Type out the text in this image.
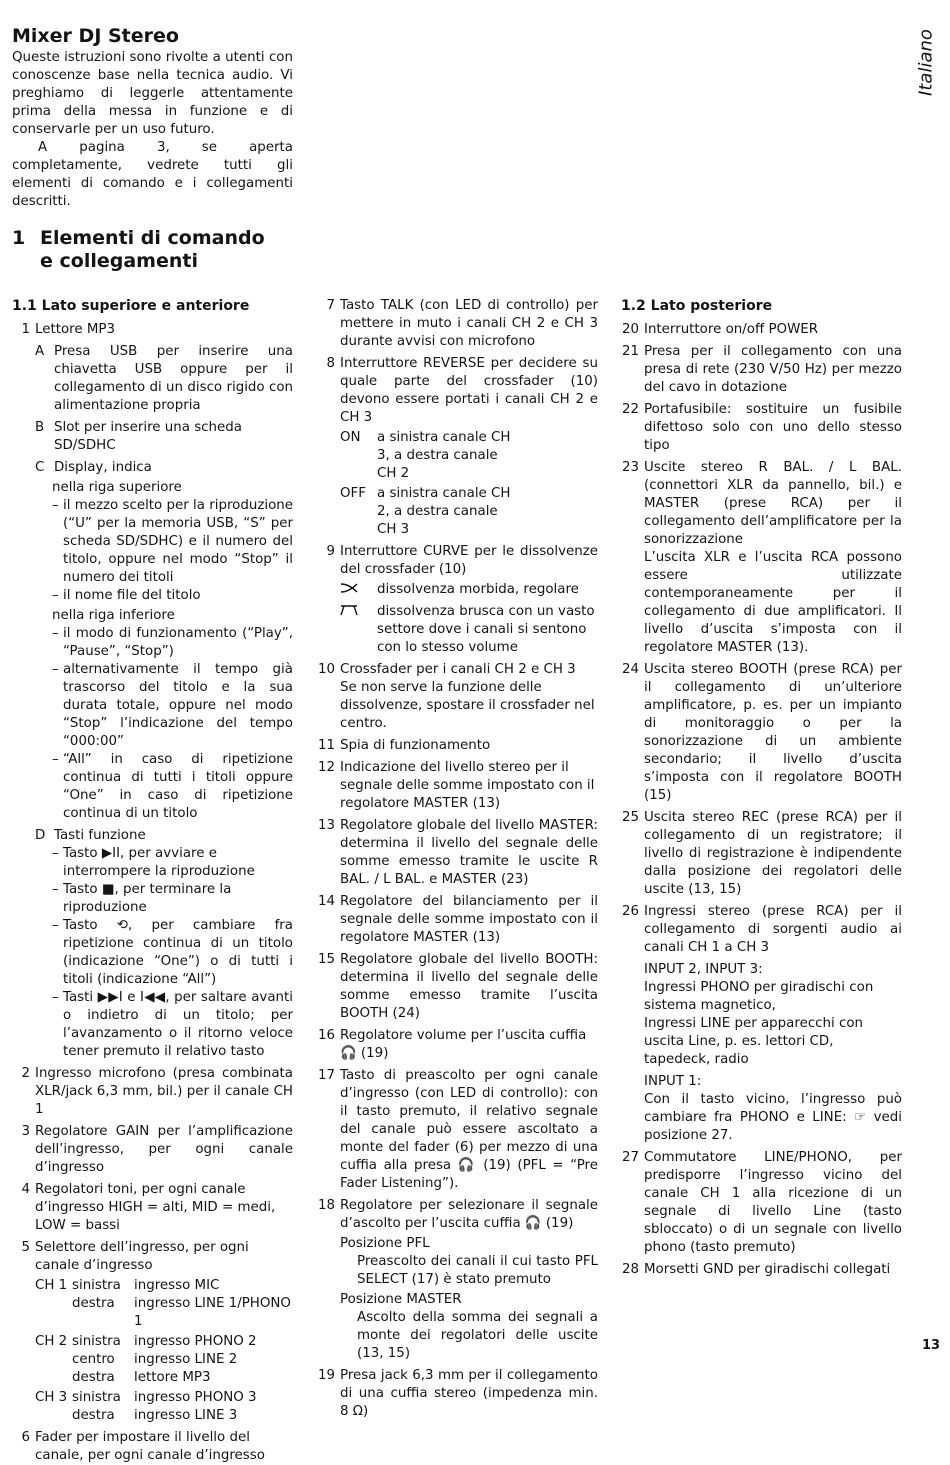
Mixer DJ Stereo	Italiano
Queste istruzioni sono rivolte a utenti con conoscenze base nella tecnica audio. Vi preghiamo di leggerle attentamente prima della messa in funzione e di conservarle per un uso futuro.
A pagina 3, se aperta completamente, vedrete tutti gli elementi di comando e i collegamenti descritti.
1 Elementi di comando
e collegamenti
1.1 Lato superiore e anteriore
1 Lettore MP3
A Presa USB per inserire una chiavetta USB oppure per il collegamento di un disco rigido con alimentazione propria
B Slot per inserire una scheda SD/SDHC
C Display, indica
nella riga superiore
– il mezzo scelto per la riproduzione (“U” per la memoria USB, “S” per scheda SD/SDHC) e il numero del titolo, oppure nel modo “Stop” il numero dei titoli
– il nome file del titolo
nella riga inferiore
– il modo di funzionamento (“Play”, “Pause”, “Stop”)
– alternativamente il tempo già trascorso del titolo e la sua durata totale, oppure nel modo “Stop” l’indicazione del tempo “000:00”
– “All” in caso di ripetizione continua di tutti i titoli oppure “One” in caso di ripetizione continua di un titolo
D Tasti funzione
– Tasto ▶II, per avviare e interrompere la riproduzione
– Tasto ■, per terminare la riproduzione
– Tasto ⟲, per cambiare fra ripetizione continua di un titolo (indicazione “One”) o di tutti i titoli (indicazione “All”)
– Tasti ▶▶I e I◀◀, per saltare avanti o indietro di un titolo; per l’avanzamento o il ritorno veloce tener premuto il relativo tasto
2 Ingresso microfono (presa combinata XLR/jack 6,3 mm, bil.) per il canale CH 1
3 Regolatore GAIN per l’amplificazione dell’ingresso, per ogni canale d’ingresso
4 Regolatori toni, per ogni canale d’ingresso HIGH = alti, MID = medi, LOW = bassi
5 Selettore dell’ingresso, per ogni canale d’ingresso
CH 1	sinistra	ingresso MIC
	destra	ingresso LINE 1/PHONO 1
CH 2	sinistra	ingresso PHONO 2
	centro	ingresso LINE 2
	destra	lettore MP3
CH 3	sinistra	ingresso PHONO 3
	destra	ingresso LINE 3
6 Fader per impostare il livello del canale, per ogni canale d’ingresso
7 Tasto TALK (con LED di controllo) per mettere in muto i canali CH 2 e CH 3 durante avvisi con microfono
8 Interruttore REVERSE per decidere su quale parte del crossfader (10) devono essere portati i canali CH 2 e CH 3
ON	a sinistra canale CH 3, a destra canale CH 2
OFF a sinistra canale CH 2, a destra canale CH 3
9 Interruttore CURVE per le dissolvenze del crossfader (10)
dissolvenza morbida, regolare
dissolvenza brusca con un vasto settore dove i canali si sentono con lo stesso volume
10 Crossfader per i canali CH 2 e CH 3
Se non serve la funzione delle dissolvenze, spostare il crossfader nel centro.
11 Spia di funzionamento
12 Indicazione del livello stereo per il segnale delle somme impostato con il regolatore MASTER (13)
13 Regolatore globale del livello MASTER: determina il livello del segnale delle somme emesso tramite le uscite R BAL. / L BAL. e MASTER (23)
14 Regolatore del bilanciamento per il segnale delle somme impostato con il regolatore MASTER (13)
15 Regolatore globale del livello BOOTH: determina il livello del segnale delle somme emesso tramite l’uscita BOOTH (24)
16 Regolatore volume per l’uscita cuffia 🎧 (19)
17 Tasto di preascolto per ogni canale d’ingresso (con LED di controllo): con il tasto premuto, il relativo segnale del canale può essere ascoltato a monte del fader (6) per mezzo di una cuffia alla presa 🎧 (19) (PFL = “Pre Fader Listening”).
18 Regolatore per selezionare il segnale d’ascolto per l’uscita cuffia 🎧 (19)
Posizione PFL
Preascolto dei canali il cui tasto PFL SELECT (17) è stato premuto
Posizione MASTER
Ascolto della somma dei segnali a monte dei regolatori delle uscite (13, 15)
19 Presa jack 6,3 mm per il collegamento di una cuffia stereo (impedenza min. 8 Ω)
1.2 Lato posteriore
20 Interruttore on/off POWER
21 Presa per il collegamento con una presa di rete (230 V/50 Hz) per mezzo del cavo in dotazione
22 Portafusibile: sostituire un fusibile difettoso solo con uno dello stesso tipo
23 Uscite stereo R BAL. / L BAL. (connettori XLR da pannello, bil.) e MASTER (prese RCA) per il collegamento dell’amplificatore per la sonorizzazione
L’uscita XLR e l’uscita RCA possono essere utilizzate contemporaneamente per il collegamento di due amplificatori. Il livello d’uscita s’imposta con il regolatore MASTER (13).
24 Uscita stereo BOOTH (prese RCA) per il collegamento di un’ulteriore amplificatore, p. es. per un impianto di monitoraggio o per la sonorizzazione di un ambiente secondario; il livello d’uscita s’imposta con il regolatore BOOTH (15)
25 Uscita stereo REC (prese RCA) per il collegamento di un registratore; il livello di registrazione è indipendente dalla posizione dei regolatori delle uscite (13, 15)
26 Ingressi stereo (prese RCA) per il collegamento di sorgenti audio ai canali CH 1 a CH 3
INPUT 2, INPUT 3:
Ingressi PHONO per giradischi con sistema magnetico,
Ingressi LINE per apparecchi con uscita Line, p. es. lettori CD, tapedeck, radio
INPUT 1:
Con il tasto vicino, l’ingresso può cambiare fra PHONO e LINE: ☞ vedi posizione 27.
27 Commutatore LINE/PHONO, per predisporre l’ingresso vicino del canale CH 1 alla ricezione di un segnale di livello Line (tasto sbloccato) o di un segnale con livello phono (tasto premuto)
28 Morsetti GND per giradischi collegati
13
